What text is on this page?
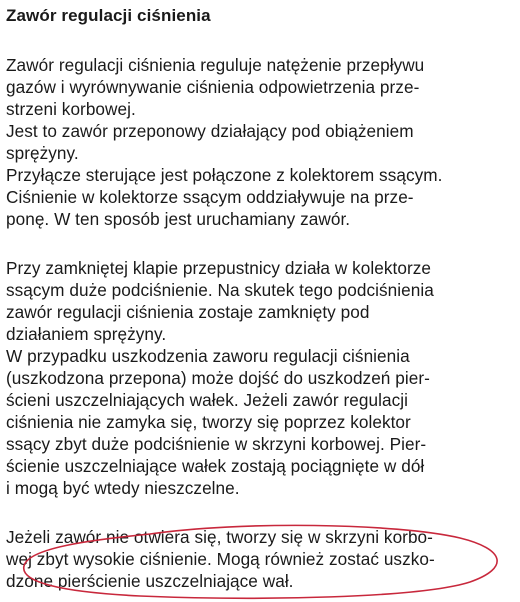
Zawór regulacji ciśnienia
Zawór regulacji ciśnienia reguluje natężenie przepływu
gazów i wyrównywanie ciśnienia odpowietrzenia prze-
strzeni korbowej.
Jest to zawór przeponowy działający pod obiążeniem
sprężyny.
Przyłącze sterujące jest połączone z kolektorem ssącym.
Ciśnienie w kolektorze ssącym oddziaływuje na prze-
ponę. W ten sposób jest uruchamiany zawór.
Przy zamkniętej klapie przepustnicy działa w kolektorze
ssącym duże podciśnienie. Na skutek tego podciśnienia
zawór regulacji ciśnienia zostaje zamknięty pod
działaniem sprężyny.
W przypadku uszkodzenia zaworu regulacji ciśnienia
(uszkodzona przepona) może dojść do uszkodzeń pier-
ścieni uszczelniających wałek. Jeżeli zawór regulacji
ciśnienia nie zamyka się, tworzy się poprzez kolektor
ssący zbyt duże podciśnienie w skrzyni korbowej. Pier-
ścienie uszczelniające wałek zostają pociągnięte w dół
i mogą być wtedy nieszczelne.
Jeżeli zawór nie otwiera się, tworzy się w skrzyni korbo-
wej zbyt wysokie ciśnienie. Mogą również zostać uszko-
dzone pierścienie uszczelniające wał.
